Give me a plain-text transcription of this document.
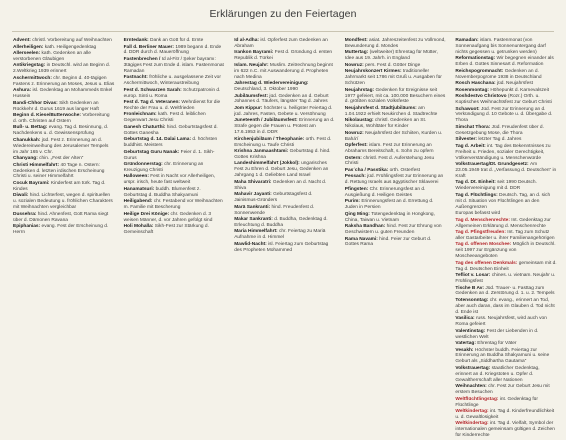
Erklärungen zu den Feiertagen
Advent: christl. Vorbereitung auf Weihnachten
Allerheiligen: kath. Heiligengedenktag
Allerseelen: kath. Gedenken an alle verstorbenen Gläubigen
Antikriegstag: in Deutschl. wird an Beginn d. 2.Weltkrieg 1939 erinnert
Aschermittwoch: chr. Beginn d. 40-tägigen Fastens z. Erinnerung an Moses, Jesus u. Elias
Ashura: isl. Gedenktag an Mohammeds Enkel Hussein
Bandi-Chhor Divas: Sikh Gedenken an Rückkehr d. Gurus 1619 aus langer Haft
Beginn d. Kiese/Butterwoche: Vorbereitung d. orth. Christen auf Ostern
Buß- u. Bettag: evang. Tag d. Besinnung, d. Nachdenkens u. d. Gewissensprüfung
Chanukkah: jüd. Fest z. Erinnerung an d. Wiedereinweihung des Jerusalemer Tempels im Jahr 165 v. Chr.
Chanyang: chin. „Fest der Alten“
Christi Himmelfahrt: 40 Tage n. Ostern: Gedenken d. letzten irdischen Erscheinung Christi u. seiner Himmelfahrt
Cocuk Bayrami: Kinderfest am türk. Tag d. Kindes
Diwali: hind. Lichterfest, wegen d. spirituellen u. sozialen Bedeutung u. fröhlichen Charakters mit Weihnachten vergleichbar
Dussehra: hind. Ahnenfest, Gott Rama siegt über d. Dämonen Ravana
Epiphanias: evang. Fest der Erscheinung d. Herrn
Erntedank: Dank an Gott für d. Ernte
Fall d. Berliner Mauer: 1989 begann d. Ende d. DDR durch d. Maueröffnung
Fastenbrechen / Id al-Fitr / Şeker bayramı: 3tägiges Fest zum Ende d. islam. Fastenmonat Ramadan
Fastnacht: fröhliche u. ausgelassene Zeit vor Aschermittwoch, Winteraustreibung
Fest d. Schwarzen Sarah: Schutzpatronin d. europ. Sinti u. Roma
Fest d. Tag d. Veteranen: Wehrdienst für die Rechte der Frau u. d. Weltfrieden
Fronleichnam: kath. Fest d. leiblichen Gegenwart Jesu Christi
Ganesh Chaturthi: hind. Geburtstagsfest d. Gottes Ganesha
Geburtstag d. 14. Dalai Lama: d. höchsten buddhist. Meisters
Geburtstag Guru Nanak: Feier d. 1. Sikh-Gurus
Gründonnerstag: chr. Erinnerung an Kreuzigung Christi
Halloween: Fest in Nacht vor Allerheiligen, urspr. irisch, heute fast weltweit
Hanamatsuri: buddh. Blumenfest z. Geburtstag d. Buddha Shakyamuni
Heiligabend: chr. Festabend vor Weihnachten m. Familie mit Bescherung
Heilige Drei Könige: chr. Gedenken d. 3 weisen Männer, d. vor Jahren gefolgt sind
Holi Mohalla: Sikh-Fest zur Stärkung d. Gemeinschaft
Id al-Adha: isl. Opferfest zum Gedenken an Abraham
Irankon Bayrami: Fest d. Gründung d. ersten Republik d. Türkei
Islam. Neujahr: Muslim. Zeitrechnung beginnt im 622 n.C. mit Auswanderung d. Propheten nach Medina
Jahrestag d. Wiedervereinigung: Deutschland, 3. Oktober 1990
Jubiläumsfest: jüd. Gedenken an d. Geburt Johannes d. Täufers, längster Tag d. Jahres
Jom Kippur: höchster u. heiligster Feiertag d. jüd. Jahres, Fasten, Gebete u. Versöhnung
Juneteenth / Jubiläumsfest: Erinnerung an d. Strafe gegen die Frauen u. Protest am 17.6.1953 in d. DDR
Kirchenjubiläum / Theophanie: orth. Fest d. Erscheinung u. Taufe Christi
Krishna Janmaashtami: Geburtstag d. hind. Gottes Krishna
Landeshimmelfahrt (Jokkol): ungarisches Fest zu Ehren d. Geburt Jesu, Gedenken an Jahrgang 1 d. Geliebten Land Israel
Maha Shivaratri: Gedenken an d. Nacht d. Shiva
Mahavir Jayanti: Geburtstagsfest d. Jainismus-Gründers
Marä Sankranti: hind. Freudenfest d. Sonnenwende
Makar Sankranti: d. Buddha, Gedenktag d. Erleuchtung d. Buddha
Maria Himmelfahrt: chr. Feiertag zu Mariä Aufnahme in d. Himmel
Mawlid-Nacht: isl. Feiertag zum Geburtstag des Propheten Mohammed
Mondfest: asiat. Jahreszeitenfest zu Vollmond, Bewunderung d. Mondes
Muttertag: (weltweiter) Ehrentag für Mütter, Idee aus 19. Jahrh. in England
Nowruz: pers. Fest d. Götter Dinge
Neujahrskonzert Kirmes: traditioneller Jahrmarkt seit 1786 mit Gruß u. Ausgaben für Schützen
Neujahrstag: Gedenken für Ereignisse seit 1977 gefeiert, mit ca. 100.000 Besuchern eines d. größten sozialen Volksfeste
Neujahrsfest d. Stadtjubiläums: am 1.04.1922 erhielt Neukirchen d. Stadtrechte
Nikolaustag: christl. Gedenken an St. Nikolaus, Wohltäter für Kinder
Nowruz: Neujahrsfest der Schiiten, Kurden u. Bahá’í
Opferfest: islam. Fest zur Erinnerung an Abrahams Bereitschaft, s. Sohn zu opfern
Ostern: christl. Fest d. Auferstehung Jesu Christi
Pas´cha / Passtika: orth. Osterfest
Pessach: jüd. Frühlingsfest zur Erinnerung an d. Rettung Israels aus ägyptischer Sklaverei
Pfingsten: Chr. Erinnerungsfest an d. Ausgießung d. Heiligen Geistes
Purim: Erinnerungsfest an d. Errettung d. Juden in Persien
Qing Ming: Totengedenktag in Hongkong, China, Taiwan u. Vietnam
Raksha Bandhan: hind. Fest zur Ehrung von Geschwistern u. guten Freunden
Rama Navami: hind. Feier zur Geburt d. Gottes Rama
Ramadan: islam. Fastenmonat (von Sonnenaufgang bis Sonnenuntergang darf nichts gegessen u. getrunken werden)
Reformationstag: Wir begegnen einander als Erben d. Gottes Sinnesart d. Reformation
Reichspogromnacht: Gedenken an d. Novemberpogrome 1938 in Deutschland
Rosch Haschana: jüd. Neujahrsfest
Rosenmontag: Höhepunkt d. Karnevalszeit
Roshdestvo Christovo (Rozr.) Orth. u. Koptisches Weihnachtsfest zur Geburt Christi
Schawuot: Jüd. Fest zur Erinnerung an d. Verkündigung d. 10 Gebote u. d. Übergabe d. Thora
Simchat Thora: Jüd. Freudenfest über d. Gesetzgebung Mose, die Thora
Silvester: letzter Tag d. Jahres
Tag d. Arbeit: int. Tag des Bekenntnisses zu Freiheit u. Frieden, sozialer Gerechtigkeit, Völkerverständigung u. Menschenwürde
Volkstrauertag/Dt. Grundgesetz: Am 23.05.1949 trat d. „Verfassung d. Deutschen“ in Kraft
Tag d. Dt. Einheit: seit 1990 Deutsch. Wiedervereinigung mit d. DDR
Tag d. Flüchtlings: Deutsch. Tag, an d. sich mit d. Situation von Flüchtlingen an den Außengrenzen
Europas befasst wird
Tag d. Menschenrechte: Int. Gedenktag zur Allgemeinen Erklärung d. Menschenrechte
Tag d. Pfingstfreuden: Int. Tag zum Schutz aller Gastarbeiter u. ihrer Familienangehörigen
Tag d. offenen Moschee: Möglich in Deutschl. seit 1997 zur Ergänzung von Moscheeangeboten
Tag des offenen Denkmals: gemeinsam mit d. Tag d. Deutschen Einheit
Tefliot v. Losar: chines. u. vietnam. Neujahr u. Frühlingsfest
Tische B Av: Jüd. Trauer- u. Fasttag zum Gedenken an d. Zerstörung d. 1. u. 2. Tempels
Totensonntag: chr. evang., erinnert an Tod, aber auch daran, dass im Glauben d. Tod nicht d. Ende ist
Vasilica: russ. Neujahrsfest, wird auch von Roma gefeiert
Valentinstag: Fest der Liebenden in d. westlichen Welt
Vatertag: Ehrentag für Väter
Vesakh: Höchster buddh. Feiertag zur Erinnerung an Buddha Shakyamuni u. seine Geburt als „Siddhartha Gautama“
Volkstrauertag: staatlicher Gedenktag, erinnert an d. Kriegstoten u. Opfer d. Gewaltherrschaft aller Nationen
Weihnachten: chr. Fest zur Geburt Jesu mit erstem Besuchen
Weltflüchtlingstag: int. Gedenktag für Flüchtlinge
Weltkindertag: int. Tag d. Kinderfreundlichkeit u. d. Gewaltlosigkeit
Weltkindertag: int. Tag d. Vielfalt, Symbol der internationalen gemeinsam gültigen d. Zeichen für Kinderrechte
